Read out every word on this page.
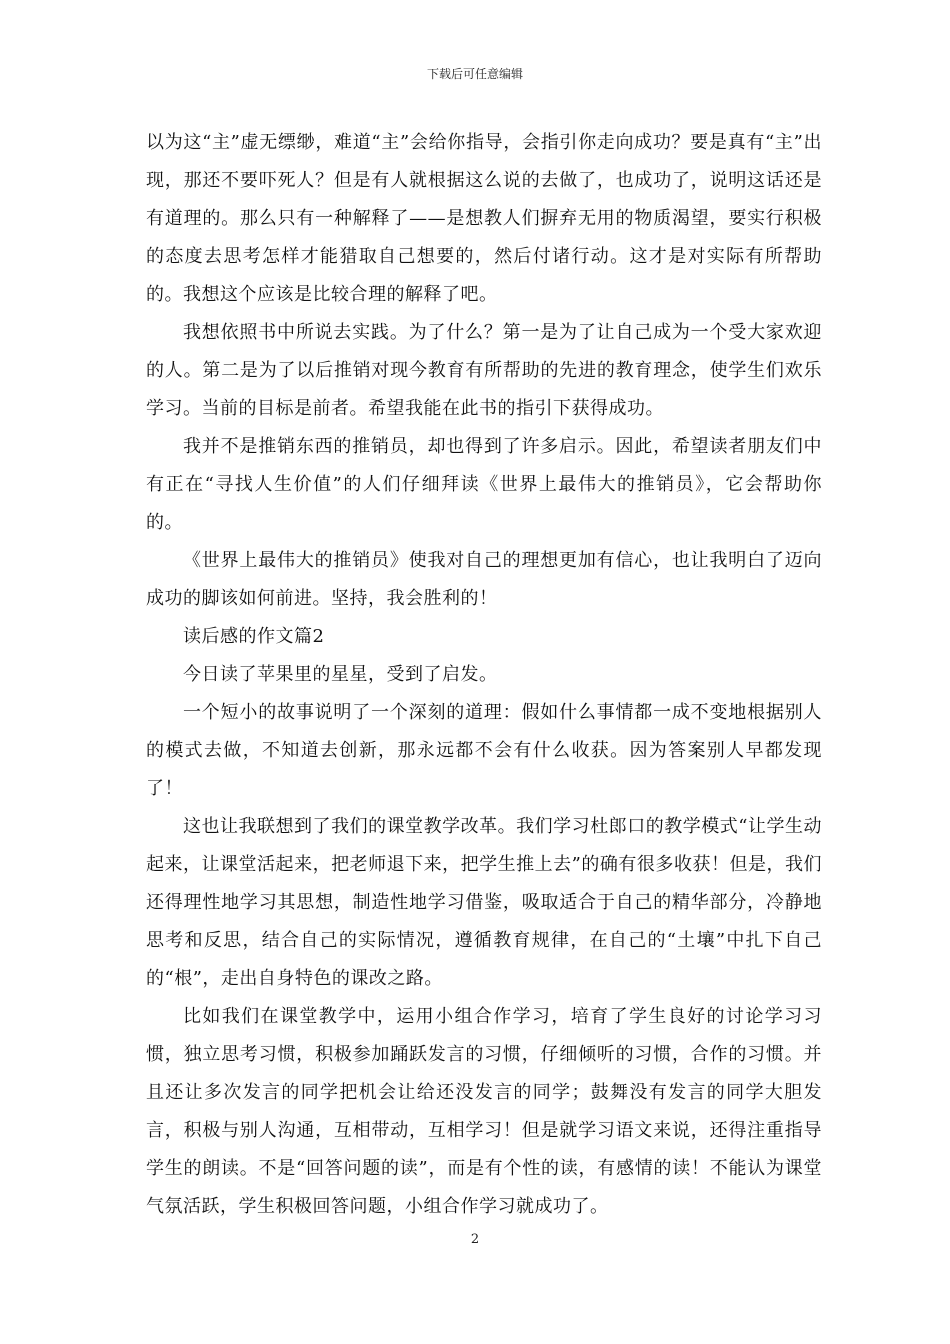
下载后可任意编辑

以为这“主”虚无缥缈，难道“主”会给你指导，会指引你走向成功？要是真有“主”出现，那还不要吓死人？但是有人就根据这么说的去做了，也成功了，说明这话还是有道理的。那么只有一种解释了——是想教人们摒弃无用的物质渴望，要实行积极的态度去思考怎样才能猎取自己想要的，然后付诸行动。这才是对实际有所帮助的。我想这个应该是比较合理的解释了吧。

我想依照书中所说去实践。为了什么？第一是为了让自己成为一个受大家欢迎的人。第二是为了以后推销对现今教育有所帮助的先进的教育理念，使学生们欢乐学习。当前的目标是前者。希望我能在此书的指引下获得成功。

我并不是推销东西的推销员，却也得到了许多启示。因此，希望读者朋友们中有正在“寻找人生价值”的人们仔细拜读《世界上最伟大的推销员》，它会帮助你的。

《世界上最伟大的推销员》使我对自己的理想更加有信心，也让我明白了迈向成功的脚该如何前进。坚持，我会胜利的！

读后感的作文篇2

今日读了苹果里的星星，受到了启发。

一个短小的故事说明了一个深刻的道理：假如什么事情都一成不变地根据别人的模式去做，不知道去创新，那永远都不会有什么收获。因为答案别人早都发现了！

这也让我联想到了我们的课堂教学改革。我们学习杜郎口的教学模式“让学生动起来，让课堂活起来，把老师退下来，把学生推上去”的确有很多收获！但是，我们还得理性地学习其思想，制造性地学习借鉴，吸取适合于自己的精华部分，冷静地思考和反思，结合自己的实际情况，遵循教育规律，在自己的“土壤”中扎下自己的“根”，走出自身特色的课改之路。

比如我们在课堂教学中，运用小组合作学习，培育了学生良好的讨论学习习惯，独立思考习惯，积极参加踊跃发言的习惯，仔细倾听的习惯，合作的习惯。并且还让多次发言的同学把机会让给还没发言的同学；鼓舞没有发言的同学大胆发言，积极与别人沟通，互相带动，互相学习！但是就学习语文来说，还得注重指导学生的朗读。不是“回答问题的读”，而是有个性的读，有感情的读！不能认为课堂气氛活跃，学生积极回答问题，小组合作学习就成功了。

2
